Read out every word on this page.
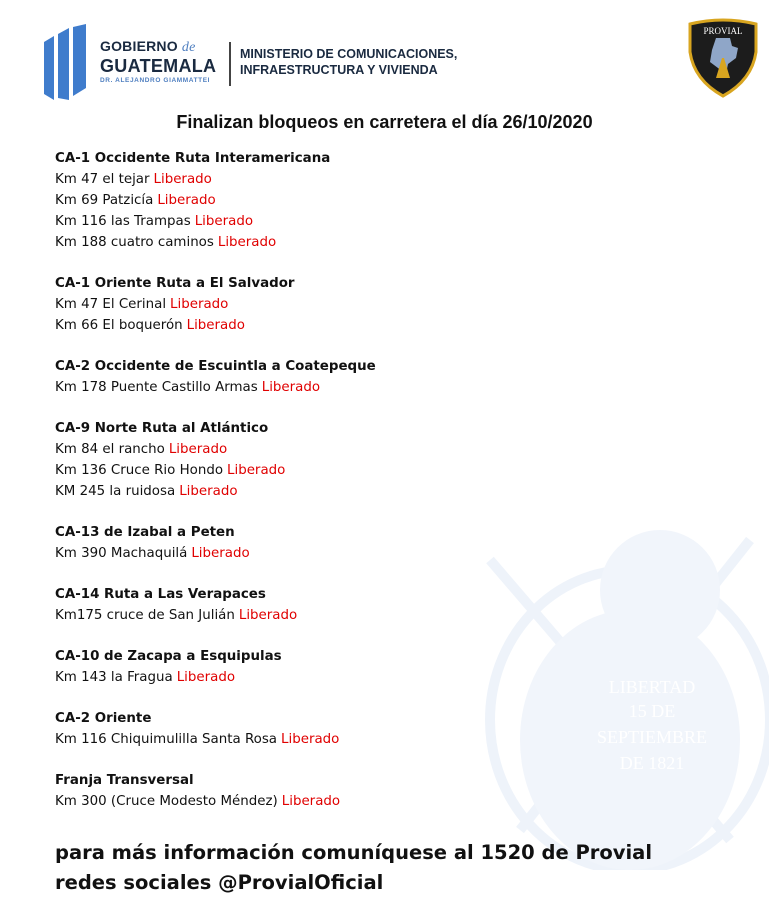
GOBIERNO de
GUATEMALA
DR. ALEJANDRO GIAMMATTEI
MINISTERIO DE COMUNICACIONES,
INFRAESTRUCTURA Y VIVIENDA
PROVIAL
LIBERTAD
15 DE
SEPTIEMBRE
DE 1821
Finalizan bloqueos en carretera el día 26/10/2020
CA-1 Occidente Ruta Interamericana
Km 47 el tejar Liberado
Km 69 Patzicía Liberado
Km 116 las Trampas Liberado
Km 188 cuatro caminos Liberado
CA-1 Oriente Ruta a El Salvador
Km 47 El Cerinal Liberado
Km 66 El boquerón Liberado
CA-2 Occidente de Escuintla a Coatepeque
Km 178 Puente Castillo Armas Liberado
CA-9 Norte Ruta al Atlántico
Km 84 el rancho Liberado
Km 136 Cruce Rio Hondo Liberado
KM 245 la ruidosa Liberado
CA-13 de Izabal a Peten
Km 390 Machaquilá Liberado
CA-14 Ruta a Las Verapaces
Km175 cruce de San Julián Liberado
CA-10 de Zacapa a Esquipulas
Km 143 la Fragua Liberado
CA-2 Oriente
Km 116 Chiquimulilla Santa Rosa Liberado
Franja Transversal
Km 300 (Cruce Modesto Méndez) Liberado
para más información comuníquese al 1520 de Provial
redes sociales @ProvialOficial
